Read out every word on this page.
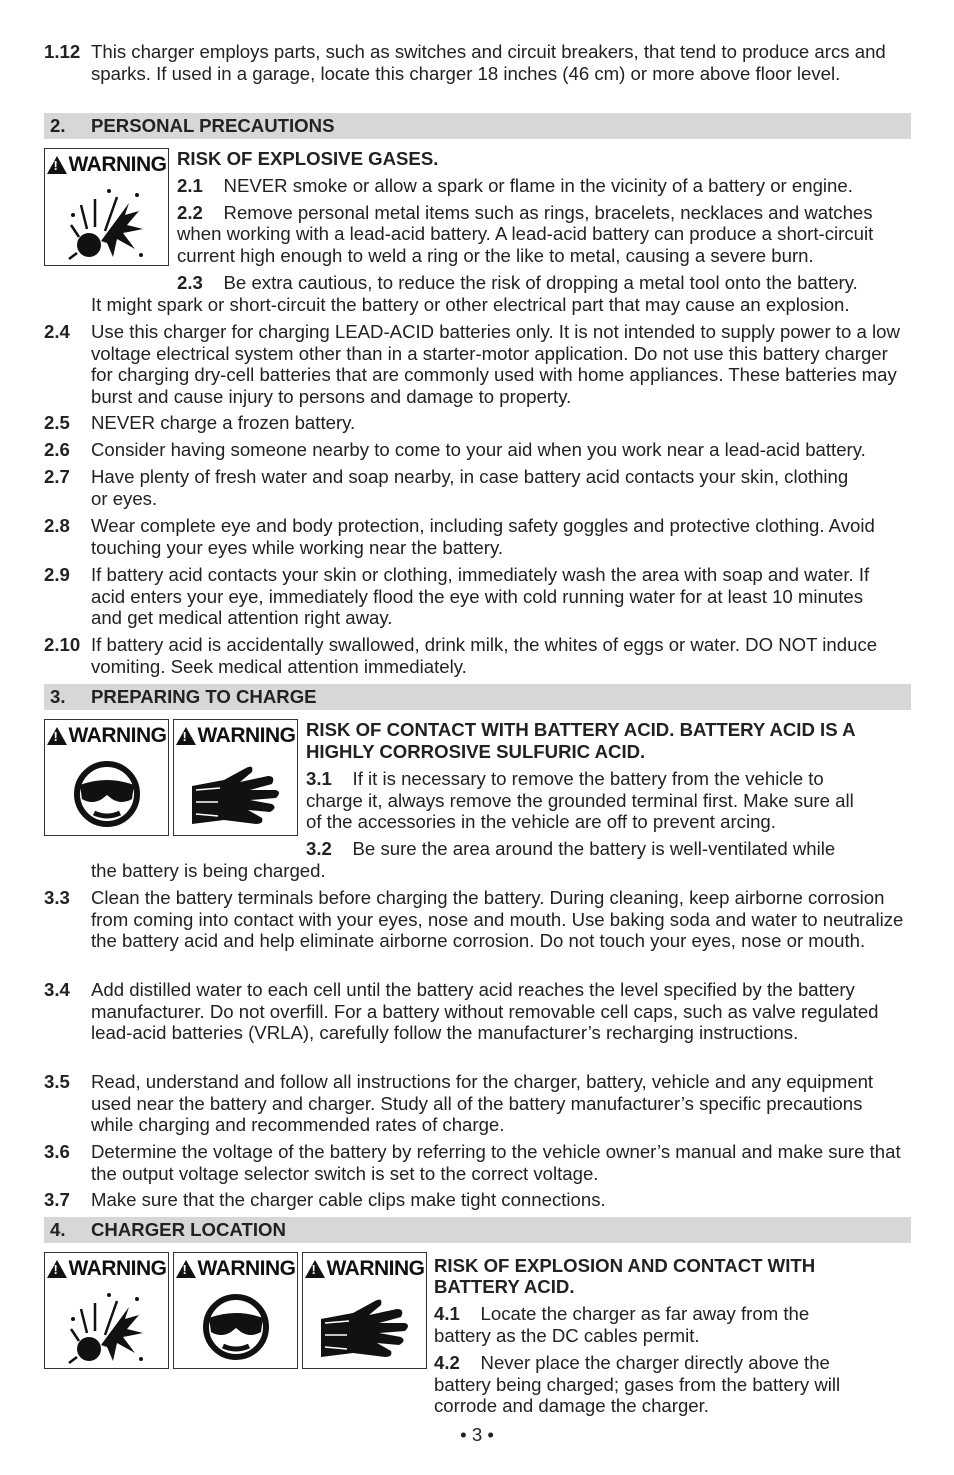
1.12 This charger employs parts, such as switches and circuit breakers, that tend to produce arcs and sparks. If used in a garage, locate this charger 18 inches (46 cm) or more above floor level.
2. PERSONAL PRECAUTIONS
! WARNING RISK OF EXPLOSIVE GASES.
2.1 NEVER smoke or allow a spark or flame in the vicinity of a battery or engine.
2.2 Remove personal metal items such as rings, bracelets, necklaces and watches
when working with a lead-acid battery. A lead-acid battery can produce a short-circuit
current high enough to weld a ring or the like to metal, causing a severe burn.
2.3 Be extra cautious, to reduce the risk of dropping a metal tool onto the battery.
It might spark or short-circuit the battery or other electrical part that may cause an explosion.
2.4 Use this charger for charging LEAD-ACID batteries only. It is not intended to supply power to a low voltage electrical system other than in a starter-motor application. Do not use this battery charger for charging dry-cell batteries that are commonly used with home appliances. These batteries may burst and cause injury to persons and damage to property.
2.5 NEVER charge a frozen battery.
2.6 Consider having someone nearby to come to your aid when you work near a lead-acid battery.
2.7 Have plenty of fresh water and soap nearby, in case battery acid contacts your skin, clothing or eyes.
2.8 Wear complete eye and body protection, including safety goggles and protective clothing. Avoid touching your eyes while working near the battery.
2.9 If battery acid contacts your skin or clothing, immediately wash the area with soap and water. If acid enters your eye, immediately flood the eye with cold running water for at least 10 minutes and get medical attention right away.
2.10 If battery acid is accidentally swallowed, drink milk, the whites of eggs or water. DO NOT induce vomiting. Seek medical attention immediately.
3. PREPARING TO CHARGE
! WARNING ! WARNING RISK OF CONTACT WITH BATTERY ACID. BATTERY ACID IS A
HIGHLY CORROSIVE SULFURIC ACID.
3.1 If it is necessary to remove the battery from the vehicle to
charge it, always remove the grounded terminal first. Make sure all
of the accessories in the vehicle are off to prevent arcing.
3.2 Be sure the area around the battery is well-ventilated while
the battery is being charged.
3.3 Clean the battery terminals before charging the battery. During cleaning, keep airborne corrosion from coming into contact with your eyes, nose and mouth. Use baking soda and water to neutralize the battery acid and help eliminate airborne corrosion. Do not touch your eyes, nose or mouth.
3.4 Add distilled water to each cell until the battery acid reaches the level specified by the battery manufacturer. Do not overfill. For a battery without removable cell caps, such as valve regulated lead-acid batteries (VRLA), carefully follow the manufacturer’s recharging instructions.
3.5 Read, understand and follow all instructions for the charger, battery, vehicle and any equipment used near the battery and charger. Study all of the battery manufacturer’s specific precautions while charging and recommended rates of charge.
3.6 Determine the voltage of the battery by referring to the vehicle owner’s manual and make sure that the output voltage selector switch is set to the correct voltage.
3.7 Make sure that the charger cable clips make tight connections.
4. CHARGER LOCATION
! WARNING ! WARNING ! WARNING RISK OF EXPLOSION AND CONTACT WITH
BATTERY ACID.
4.1 Locate the charger as far away from the
battery as the DC cables permit.
4.2 Never place the charger directly above the
battery being charged; gases from the battery will
corrode and damage the charger.
• 3 •
